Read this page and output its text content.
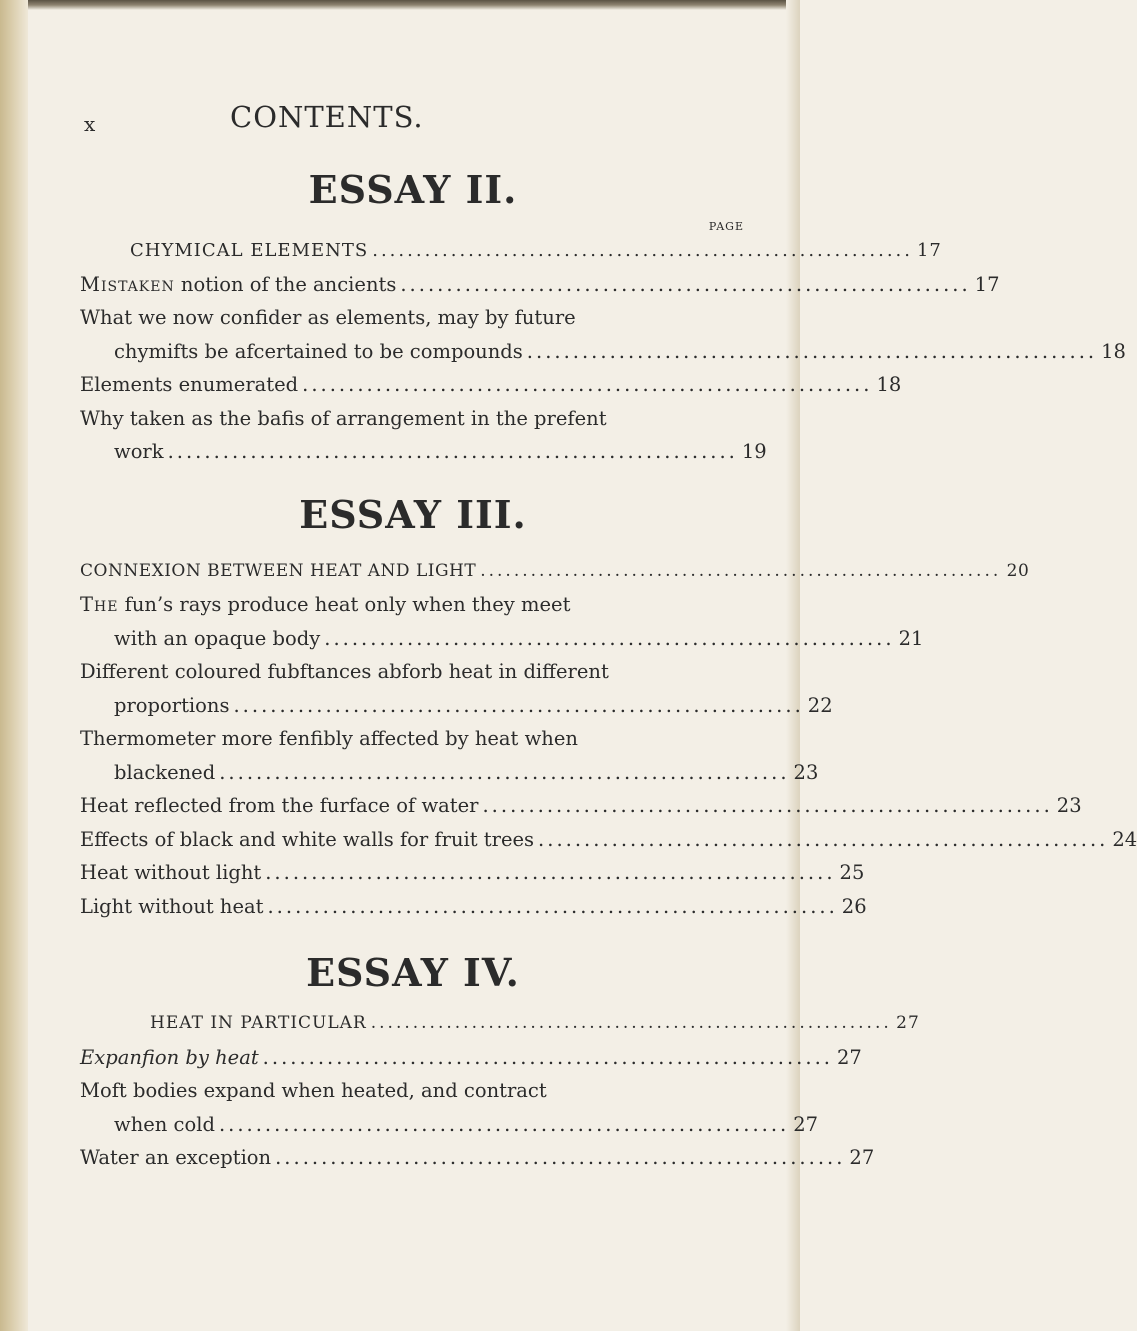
x	CONTENTS.
ESSAY II.
PAGE
CHYMICAL ELEMENTS .............................................................. 17
Mistaken notion of the ancients .............................................................. 17
What we now confider as elements, may by future
chymifts be afcertained to be compounds .............................................................. 18
Elements enumerated .............................................................. 18
Why taken as the bafis of arrangement in the prefent
work .............................................................. 19
ESSAY III.
CONNEXION BETWEEN HEAT AND LIGHT .............................................................. 20
The fun’s rays produce heat only when they meet
with an opaque body .............................................................. 21
Different coloured fubftances abforb heat in different
proportions .............................................................. 22
Thermometer more fenfibly affected by heat when
blackened .............................................................. 23
Heat reflected from the furface of water .............................................................. 23
Effects of black and white walls for fruit trees .............................................................. 24
Heat without light .............................................................. 25
Light without heat .............................................................. 26
ESSAY IV.
HEAT IN PARTICULAR .............................................................. 27
Expanfion by heat .............................................................. 27
Moft bodies expand when heated, and contract
when cold .............................................................. 27
Water an exception .............................................................. 27
